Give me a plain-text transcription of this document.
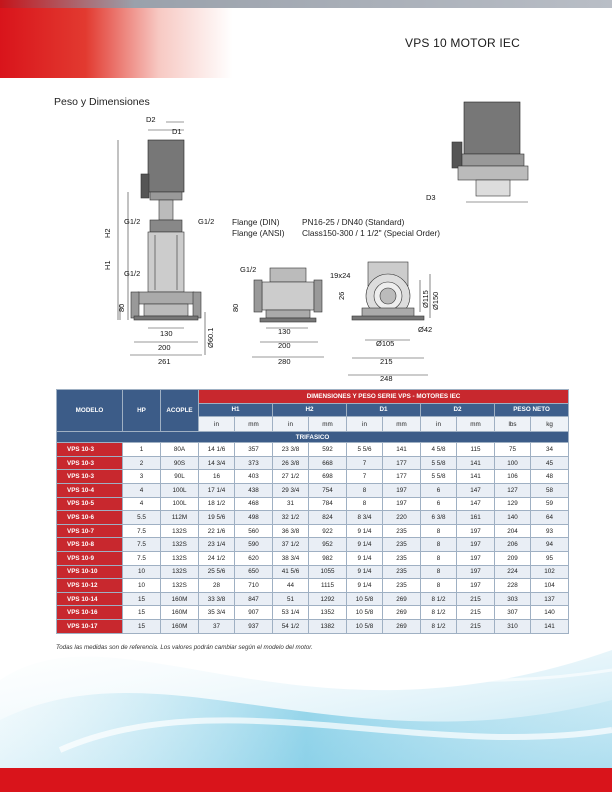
VPS 10 MOTOR IEC
Peso y Dimensiones
D2
D1
H2
H1
G1/2	G1/2
G1/2
80
130
200
261
Ø60.1
G1/2
80
130
200
280
19x24
26	Ø115 Ø150
Ø42
Ø105
215
248
D3
Flange (DIN)	PN16-25 / DN40 (Standard)
Flange (ANSI)	Class150-300 / 1 1/2" (Special Order)
MODELO	HP	ACOPLE	DIMENSIONES Y PESO SERIE VPS - MOTORES IEC									
			H1		H2		D1		D2		PESO NETO	
			in	mm	in	mm	in	mm	in	mm	lbs	kg
TRIFASICO												
VPS 10-3	1	80A	14 1/6	357	23 3/8	592	5 5/6	141	4 5/8	115	75	34
VPS 10-3	2	90S	14 3/4	373	26 3/8	668	7	177	5 5/8	141	100	45
VPS 10-3	3	90L	16	403	27 1/2	698	7	177	5 5/8	141	106	48
VPS 10-4	4	100L	17 1/4	438	29 3/4	754	8	197	6	147	127	58
VPS 10-5	4	100L	18 1/2	468	31	784	8	197	6	147	129	59
VPS 10-6	5.5	112M	19 5/6	498	32 1/2	824	8 3/4	220	6 3/8	161	140	64
VPS 10-7	7.5	132S	22 1/6	560	36 3/8	922	9 1/4	235	8	197	204	93
VPS 10-8	7.5	132S	23 1/4	590	37 1/2	952	9 1/4	235	8	197	206	94
VPS 10-9	7.5	132S	24 1/2	620	38 3/4	982	9 1/4	235	8	197	209	95
VPS 10-10	10	132S	25 5/6	650	41 5/6	1055	9 1/4	235	8	197	224	102
VPS 10-12	10	132S	28	710	44	1115	9 1/4	235	8	197	228	104
VPS 10-14	15	160M	33 3/8	847	51	1292	10 5/8	269	8 1/2	215	303	137
VPS 10-16	15	160M	35 3/4	907	53 1/4	1352	10 5/8	269	8 1/2	215	307	140
VPS 10-17	15	160M	37	937	54 1/2	1382	10 5/8	269	8 1/2	215	310	141
Todas las medidas son de referencia. Los valores podrán cambiar según el modelo del motor.
